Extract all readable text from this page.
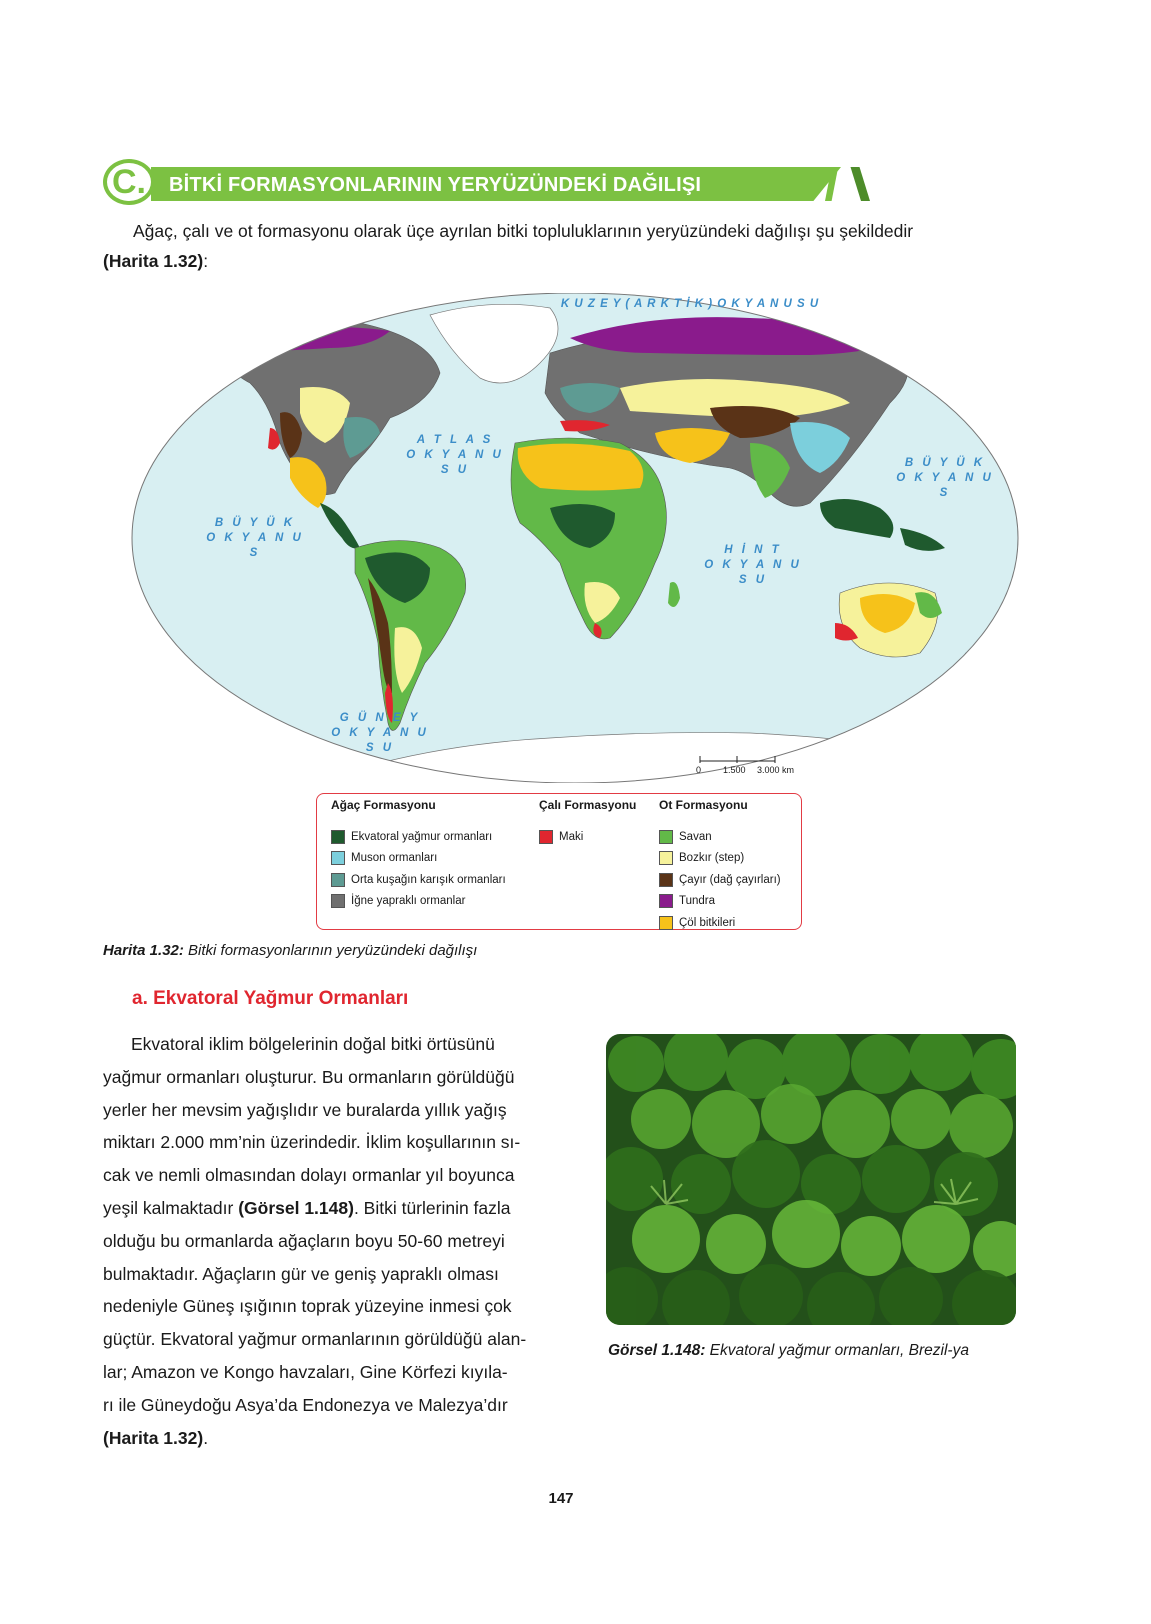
C.	BİTKİ FORMASYONLARININ YERYÜZÜNDEKİ DAĞILIŞI
Ağaç, çalı ve ot formasyonu olarak üçe ayrılan bitki topluluklarının yeryüzündeki dağılışı şu şekildedir
(Harita 1.32):
K U Z E Y ( A R K T İ K ) O K Y A N U S U
A T L A S
O K Y A N U S U
B Ü Y Ü K
O K Y A N U S
B Ü Y Ü K
O K Y A N U S
H İ N T
O K Y A N U S U
G Ü N E Y
O K Y A N U S U
0 1.500 3.000 km
Ağaç Formasyonu
Ekvatoral yağmur ormanları
Muson ormanları
Orta kuşağın karışık ormanları
İğne yapraklı ormanlar
Çalı Formasyonu
Maki
Ot Formasyonu
Savan
Bozkır (step)
Çayır (dağ çayırları)
Tundra
Çöl bitkileri
Harita 1.32: Bitki formasyonlarının yeryüzündeki dağılışı
a. Ekvatoral Yağmur Ormanları
Ekvatoral iklim bölgelerinin doğal bitki örtüsünü
yağmur ormanları oluşturur. Bu ormanların görüldüğü
yerler her mevsim yağışlıdır ve buralarda yıllık yağış
miktarı 2.000 mm’nin üzerindedir. İklim koşullarının sı-
cak ve nemli olmasından dolayı ormanlar yıl boyunca
yeşil kalmaktadır (Görsel 1.148). Bitki türlerinin fazla
olduğu bu ormanlarda ağaçların boyu 50-60 metreyi
bulmaktadır. Ağaçların gür ve geniş yapraklı olması
nedeniyle Güneş ışığının toprak yüzeyine inmesi çok
güçtür. Ekvatoral yağmur ormanlarının görüldüğü alan-
lar; Amazon ve Kongo havzaları, Gine Körfezi kıyıla-
rı ile Güneydoğu Asya’da Endonezya ve Malezya’dır
(Harita 1.32).
Görsel 1.148: Ekvatoral yağmur ormanları, Brezil-ya
147
